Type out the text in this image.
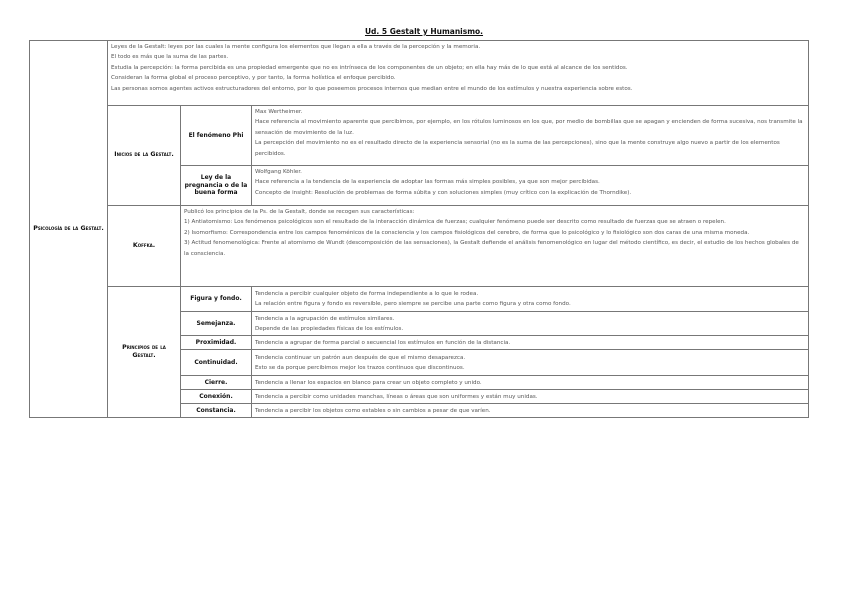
Ud. 5 Gestalt y Humanismo.
Psicología de la Gestalt.	Leyes de la Gestalt: leyes por las cuales la mente configura los elementos que llegan a ella a través de la percepción y la memoria.

El todo es más que la suma de las partes.

Estudia la percepción: la forma percibida es una propiedad emergente que no es intrínseca de los componentes de un objeto; en ella hay más de lo que está al alcance de los sentidos.

Consideran la forma global el proceso perceptivo, y por tanto, la forma holística el enfoque percibido.

Las personas somos agentes activos estructuradores del entorno, por lo que poseemos procesos internos que median entre el mundo de los estímulos y nuestra experiencia sobre estos.		

	Inicios de la Gestalt.	El fenómeno Phi	Max Wertheimer.

Hace referencia al movimiento aparente que percibimos, por ejemplo, en los rótulos luminosos en los que, por medio de bombillas que se apagan y encienden de forma sucesiva, nos transmite la sensación de movimiento de la luz.

La percepción del movimiento no es el resultado directo de la experiencia sensorial (no es la suma de las percepciones), sino que la mente construye algo nuevo a partir de los elementos percibidos.

		Ley de la pregnancia o de la buena forma	Wolfgang Köhler.

Hace referencia a la tendencia de la experiencia de adoptar las formas más simples posibles, ya que son mejor percibidas.

Concepto de insight: Resolución de problemas de forma súbita y con soluciones simples (muy crítico con la explicación de Thorndike).

	Koffka.	Publicó los principios de la Ps. de la Gestalt, donde se recogen sus características:

1) Antiatomismo: Los fenómenos psicológicos son el resultado de la interacción dinámica de fuerzas; cualquier fenómeno puede ser descrito como resultado de fuerzas que se atraen o repelen.

2) Isomorfismo: Correspondencia entre los campos fenoménicos de la consciencia y los campos fisiológicos del cerebro, de forma que lo psicológico y lo fisiológico son dos caras de una misma moneda.

3) Actitud fenomenológica: Frente al atomismo de Wundt (descomposición de las sensaciones), la Gestalt defiende el análisis fenomenológico en lugar del método científico, es decir, el estudio de los hechos globales de la consciencia.	

	Principios de la Gestalt.	Figura y fondo.	Tendencia a percibir cualquier objeto de forma independiente a lo que le rodea.
La relación entre figura y fondo es reversible, pero siempre se percibe una parte como figura y otra como fondo.

		Semejanza.	Tendencia a la agrupación de estímulos similares.
Depende de las propiedades físicas de los estímulos.

		Proximidad.	Tendencia a agrupar de forma parcial o secuencial los estímulos en función de la distancia.

		Continuidad.	Tendencia continuar un patrón aun después de que el mismo desaparezca.
Esto se da porque percibimos mejor los trazos continuos que discontinuos.

		Cierre.	Tendencia a llenar los espacios en blanco para crear un objeto completo y unido.

		Conexión.	Tendencia a percibir como unidades manchas, líneas o áreas que son uniformes y están muy unidas.

		Constancia.	Tendencia a percibir los objetos como estables o sin cambios a pesar de que varíen.
